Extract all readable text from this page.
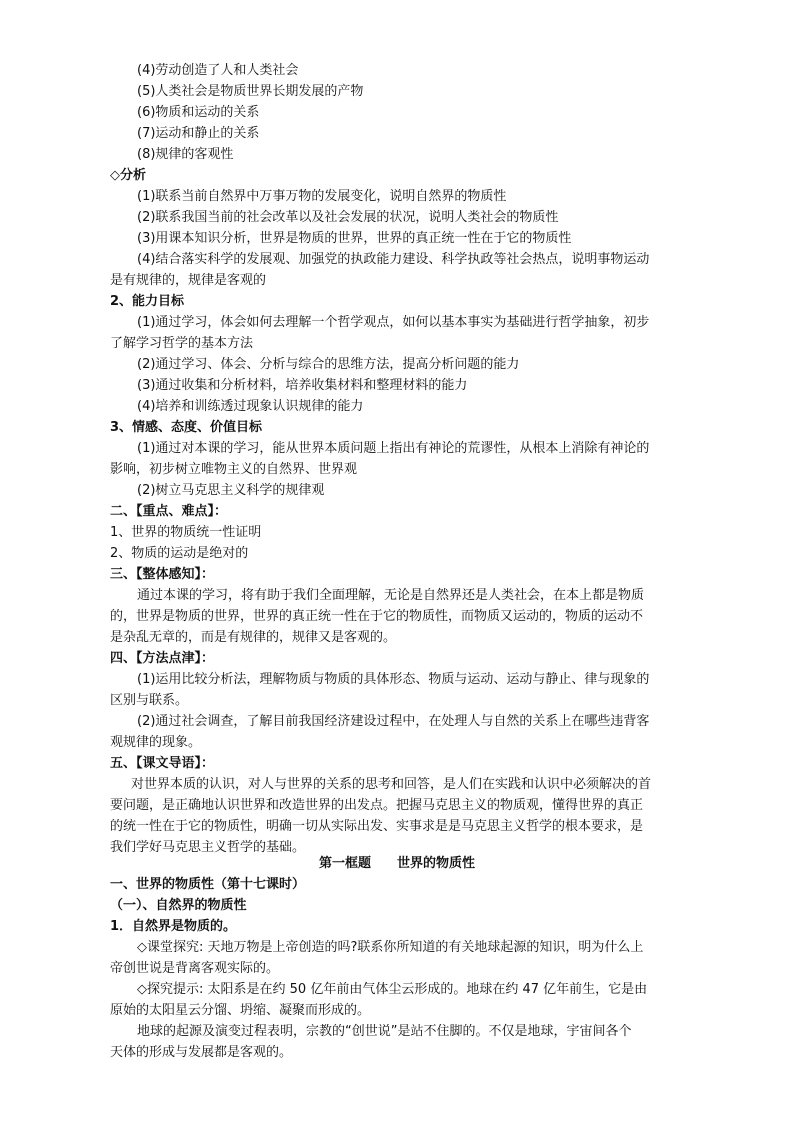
(4)劳动创造了人和人类社会
(5)人类社会是物质世界长期发展的产物
(6)物质和运动的关系
(7)运动和静止的关系
(8)规律的客观性
◇分析
(1)联系当前自然界中万事万物的发展变化，说明自然界的物质性
(2)联系我国当前的社会改革以及社会发展的状况，说明人类社会的物质性
(3)用课本知识分析，世界是物质的世界，世界的真正统一性在于它的物质性
(4)结合落实科学的发展观、加强党的执政能力建设、科学执政等社会热点，说明事物运动
是有规律的，规律是客观的
2、能力目标
(1)通过学习，体会如何去理解一个哲学观点，如何以基本事实为基础进行哲学抽象，初步
了解学习哲学的基本方法
(2)通过学习、体会、分析与综合的思维方法，提高分析问题的能力
(3)通过收集和分析材料，培养收集材料和整理材料的能力
(4)培养和训练透过现象认识规律的能力
3、情感、态度、价值目标
(1)通过对本课的学习，能从世界本质问题上指出有神论的荒谬性，从根本上消除有神论的
影响，初步树立唯物主义的自然界、世界观
(2)树立马克思主义科学的规律观
二、【重点、难点】：
1、世界的物质统一性证明
2、物质的运动是绝对的
三、【整体感知】：
通过本课的学习，将有助于我们全面理解，无论是自然界还是人类社会，在本上都是物质
的，世界是物质的世界，世界的真正统一性在于它的物质性，而物质又运动的，物质的运动不
是杂乱无章的，而是有规律的，规律又是客观的。
四、【方法点津】：
(1)运用比较分析法，理解物质与物质的具体形态、物质与运动、运动与静止、律与现象的
区别与联系。
(2)通过社会调查，了解目前我国经济建设过程中，在处理人与自然的关系上在哪些违背客
观规律的现象。
五、【课文导语】：
对世界本质的认识，对人与世界的关系的思考和回答，是人们在实践和认识中必须解决的首
要问题，是正确地认识世界和改造世界的出发点。把握马克思主义的物质观，懂得世界的真正
的统一性在于它的物质性，明确一切从实际出发、实事求是是马克思主义哲学的根本要求，是
我们学好马克思主义哲学的基础。
第一框题　　世界的物质性
一、世界的物质性（第十七课时）
（一）、自然界的物质性
1．自然界是物质的。
◇课堂探究: 天地万物是上帝创造的吗?联系你所知道的有关地球起源的知识，明为什么上
帝创世说是背离客观实际的。
◇探究提示: 太阳系是在约 50 亿年前由气体尘云形成的。地球在约 47 亿年前生，它是由
原始的太阳星云分馏、坍缩、凝聚而形成的。
地球的起源及演变过程表明，宗教的“创世说”是站不住脚的。不仅是地球，宇宙间各个
天体的形成与发展都是客观的。
